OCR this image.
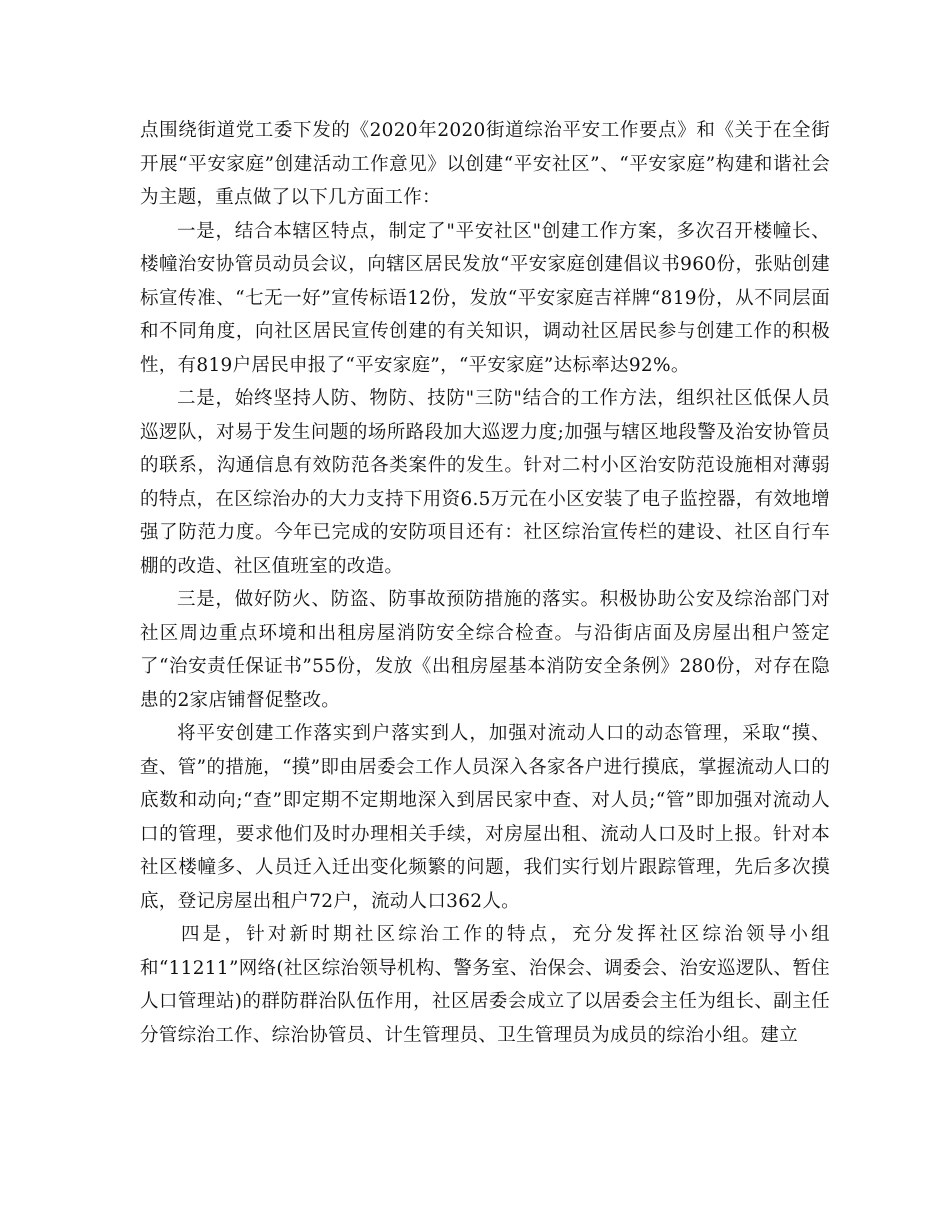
点围绕街道党工委下发的《2020年2020街道综治平安工作要点》和《关于在全街开展“平安家庭”创建活动工作意见》以创建“平安社区”、“平安家庭”构建和谐社会为主题，重点做了以下几方面工作：

一是，结合本辖区特点，制定了"平安社区"创建工作方案，多次召开楼幢长、楼幢治安协管员动员会议，向辖区居民发放“平安家庭创建倡议书960份，张贴创建标宣传准、“七无一好”宣传标语12份，发放“平安家庭吉祥牌“819份，从不同层面和不同角度，向社区居民宣传创建的有关知识，调动社区居民参与创建工作的积极性，有819户居民申报了“平安家庭”，“平安家庭”达标率达92%。

二是，始终坚持人防、物防、技防"三防"结合的工作方法，组织社区低保人员巡逻队，对易于发生问题的场所路段加大巡逻力度;加强与辖区地段警及治安协管员的联系，沟通信息有效防范各类案件的发生。针对二村小区治安防范设施相对薄弱的特点，在区综治办的大力支持下用资6.5万元在小区安装了电子监控器，有效地增强了防范力度。今年已完成的安防项目还有：社区综治宣传栏的建设、社区自行车棚的改造、社区值班室的改造。

三是，做好防火、防盗、防事故预防措施的落实。积极协助公安及综治部门对社区周边重点环境和出租房屋消防安全综合检查。与沿街店面及房屋出租户签定了“治安责任保证书”55份，发放《出租房屋基本消防安全条例》280份，对存在隐患的2家店铺督促整改。

将平安创建工作落实到户落实到人，加强对流动人口的动态管理，采取“摸、查、管”的措施，“摸”即由居委会工作人员深入各家各户进行摸底，掌握流动人口的底数和动向;“查”即定期不定期地深入到居民家中查、对人员;“管”即加强对流动人口的管理，要求他们及时办理相关手续，对房屋出租、流动人口及时上报。针对本社区楼幢多、人员迁入迁出变化频繁的问题，我们实行划片跟踪管理，先后多次摸底，登记房屋出租户72户，流动人口362人。

四是，针对新时期社区综治工作的特点，充分发挥社区综治领导小组和“11211”网络(社区综治领导机构、警务室、治保会、调委会、治安巡逻队、暂住人口管理站)的群防群治队伍作用，社区居委会成立了以居委会主任为组长、副主任分管综治工作、综治协管员、计生管理员、卫生管理员为成员的综治小组。建立
